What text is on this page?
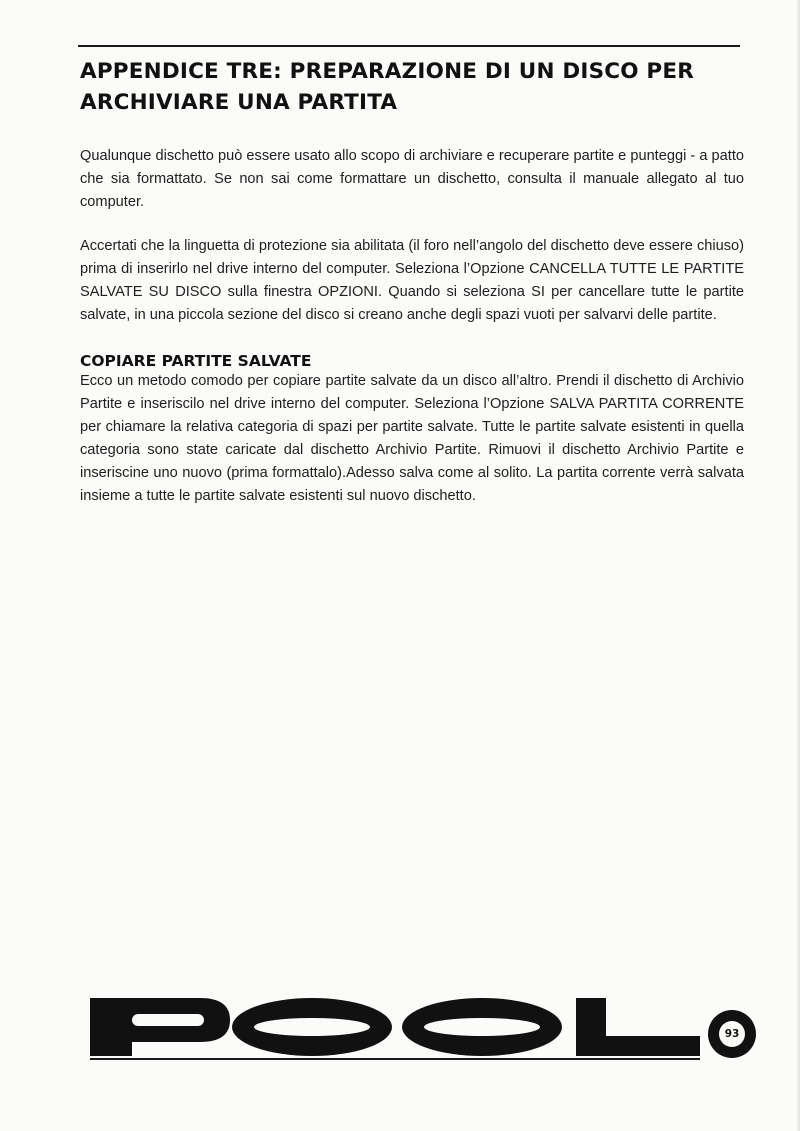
APPENDICE TRE: PREPARAZIONE DI UN DISCO PER ARCHIVIARE UNA PARTITA

Qualunque dischetto può essere usato allo scopo di archiviare e recuperare partite e punteggi - a patto che sia formattato. Se non sai come formattare un dischetto, consulta il manuale allegato al tuo computer.

Accertati che la linguetta di protezione sia abilitata (il foro nell’angolo del dischetto deve essere chiuso) prima di inserirlo nel drive interno del computer. Seleziona l’Opzione CANCELLA TUTTE LE PARTITE SALVATE SU DISCO sulla finestra OPZIONI. Quando si seleziona SI per cancellare tutte le partite salvate, in una piccola sezione del disco si creano anche degli spazi vuoti per salvarvi delle partite.

COPIARE PARTITE SALVATE

Ecco un metodo comodo per copiare partite salvate da un disco all’altro. Prendi il dischetto di Archivio Partite e inseriscilo nel drive interno del computer. Seleziona l’Opzione SALVA PARTITA CORRENTE per chiamare la relativa categoria di spazi per partite salvate. Tutte le partite salvate esistenti in quella categoria sono state caricate dal dischetto Archivio Partite. Rimuovi il dischetto Archivio Partite e inseriscine uno nuovo (prima formattalo).Adesso salva come al solito. La partita corrente verrà salvata insieme a tutte le partite salvate esistenti sul nuovo dischetto.

93
